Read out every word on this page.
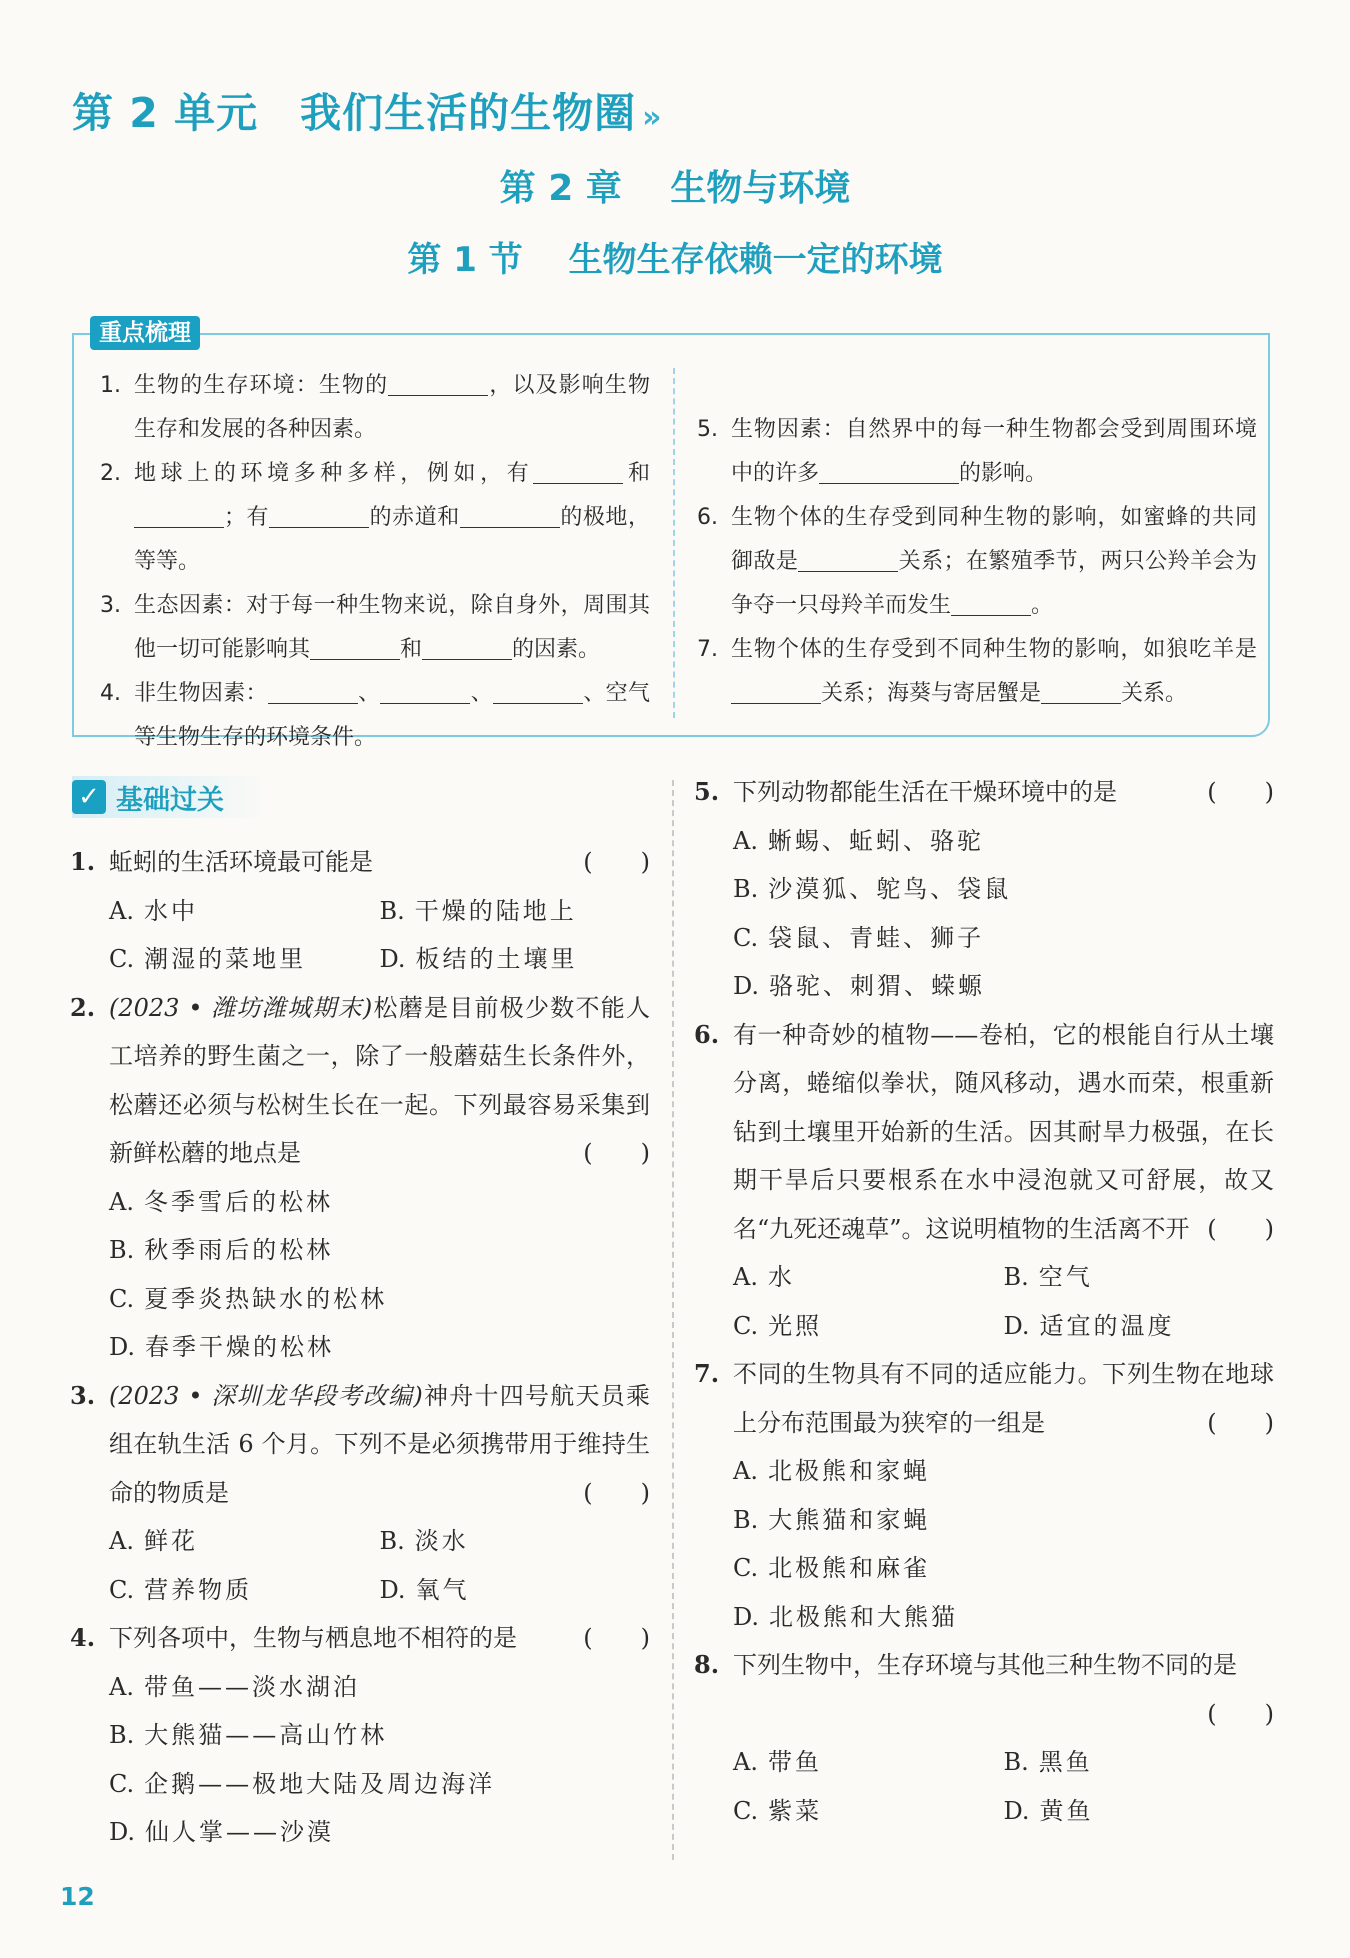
第 2 单元　我们生活的生物圈 »
第 2 章　 生物与环境
第 1 节　 生物生存依赖一定的环境
重点梳理
1. 生物的生存环境：生物的	，以及影响生物生存和发展的各种因素。
2. 地球上的环境多种多样，例如，有	和；有	的赤道和	的极地，等等。
3. 生态因素：对于每一种生物来说，除自身外，周围其他一切可能影响其	和	的因素。
4. 非生物因素：	、	、	、空气等生物生存的环境条件。
5. 生物因素：自然界中的每一种生物都会受到周围环境中的许多	的影响。
6. 生物个体的生存受到同种生物的影响，如蜜蜂的共同御敌是	关系；在繁殖季节，两只公羚羊会为争夺一只母羚羊而发生	。
7. 生物个体的生存受到不同种生物的影响，如狼吃羊是关系；海葵与寄居蟹是	关系。
✓ 基础过关
1. 蚯蚓的生活环境最可能是	(　　)
A. 水中	B. 干燥的陆地上
C. 潮湿的菜地里	D. 板结的土壤里
2. (2023 • 潍坊潍城期末)松蘑是目前极少数不能人工培养的野生菌之一，除了一般蘑菇生长条件外，松蘑还必须与松树生长在一起。下列最容易采集到新鲜松蘑的地点是	(　　)
A. 冬季雪后的松林
B. 秋季雨后的松林
C. 夏季炎热缺水的松林
D. 春季干燥的松林
3. (2023 • 深圳龙华段考改编)神舟十四号航天员乘组在轨生活 6 个月。下列不是必须携带用于维持生命的物质是	(　　)
A. 鲜花	B. 淡水
C. 营养物质	D. 氧气
4. 下列各项中，生物与栖息地不相符的是	(　　)
A. 带鱼——淡水湖泊
B. 大熊猫——高山竹林
C. 企鹅——极地大陆及周边海洋
D. 仙人掌——沙漠
5. 下列动物都能生活在干燥环境中的是	(　　)
A. 蜥蜴、蚯蚓、骆驼
B. 沙漠狐、鸵鸟、袋鼠
C. 袋鼠、青蛙、狮子
D. 骆驼、刺猬、蝾螈
6. 有一种奇妙的植物——卷柏，它的根能自行从土壤分离，蜷缩似拳状，随风移动，遇水而荣，根重新钻到土壤里开始新的生活。因其耐旱力极强，在长期干旱后只要根系在水中浸泡就又可舒展，故又名“九死还魂草”。这说明植物的生活离不开 (　　)
A. 水	B. 空气
C. 光照	D. 适宜的温度
7. 不同的生物具有不同的适应能力。下列生物在地球上分布范围最为狭窄的一组是	(　　)
A. 北极熊和家蝇
B. 大熊猫和家蝇
C. 北极熊和麻雀
D. 北极熊和大熊猫
8. 下列生物中，生存环境与其他三种生物不同的是
(　　)
A. 带鱼	B. 黑鱼
C. 紫菜	D. 黄鱼
12
